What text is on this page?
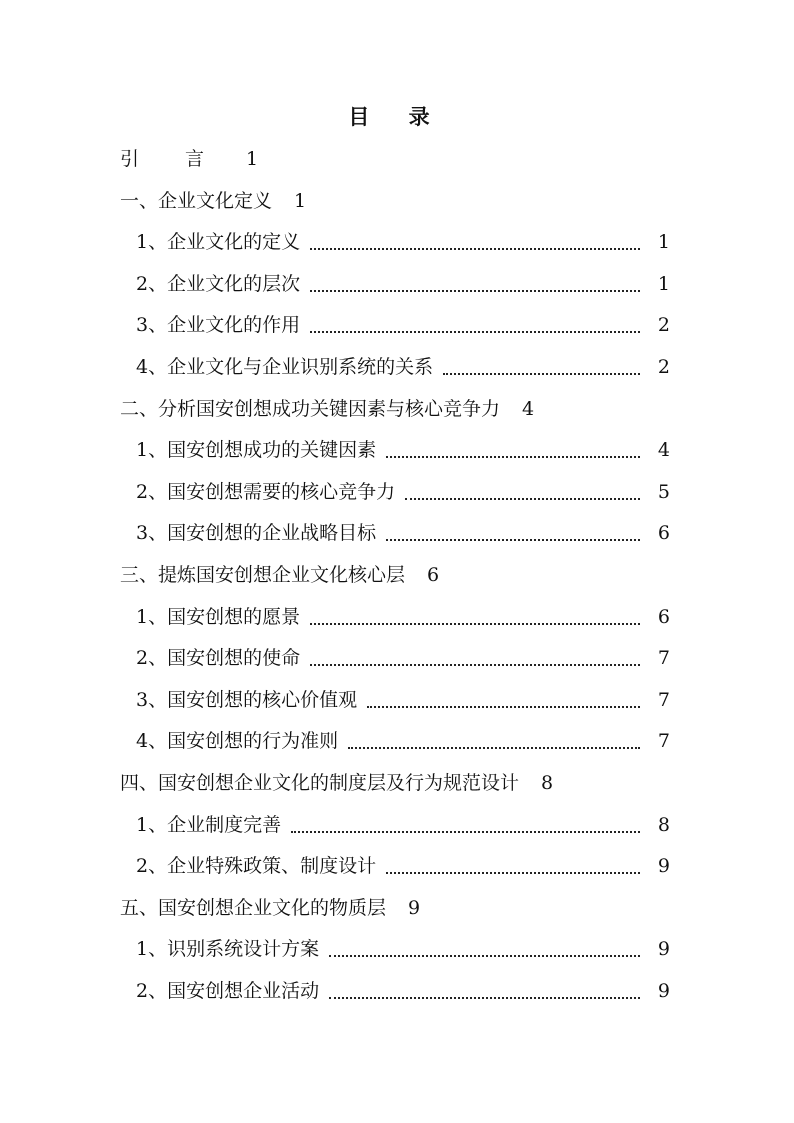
目 录
引 言 1
一、企业文化定义 1
1、企业文化的定义	1
2、企业文化的层次	1
3、企业文化的作用	2
4、企业文化与企业识别系统的关系	2
二、分析国安创想成功关键因素与核心竞争力 4
1、国安创想成功的关键因素	4
2、国安创想需要的核心竞争力	5
3、国安创想的企业战略目标	6
三、提炼国安创想企业文化核心层 6
1、国安创想的愿景	6
2、国安创想的使命	7
3、国安创想的核心价值观	7
4、国安创想的行为准则	7
四、国安创想企业文化的制度层及行为规范设计 8
1、企业制度完善	8
2、企业特殊政策、制度设计	9
五、国安创想企业文化的物质层 9
1、识别系统设计方案	9
2、国安创想企业活动	9
